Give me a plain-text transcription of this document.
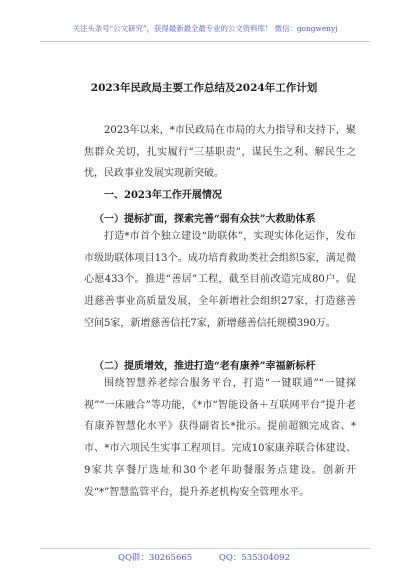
关注头条号“公文研究”，获得最新最全最专业的公文资料库！ 微信：gongwenyj
2023年民政局主要工作总结及2024年工作计划

2023年以来，*市民政局在市局的大力指导和支持下，聚焦群众关切，扎实履行“三基职责”，谋民生之利、解民生之忧，民政事业发展实现新突破。

一、2023年工作开展情况
（一）提标扩面，探索完善“弱有众扶”大救助体系

打造*市首个独立建设“助联体”，实现实体化运作，发布市级助联体项目13个。成功培育救助类社会组织5家，满足微心愿433个。推进“善居”工程，截至目前改造完成80户。促进慈善事业高质量发展，全年新增社会组织27家，打造慈善空间5家，新增慈善信托7家，新增慈善信托规模390万。

（二）提质增效，推进打造“老有康养”幸福新标杆

围绕智慧养老综合服务平台，打造“一键联通”“一键探视”“一床融合”等功能，《*市“智能设备＋互联网平台”提升老有康养智慧化水平》获得副省长*批示。提前超额完成省、*市、*市六项民生实事工程项目。完成10家康养联合体建设、9家共享餐厅选址和30个老年助餐服务点建设。创新开发“*”智慧监管平台，提升养老机构安全管理水平。

QQ群：30265665	QQ：535304092
